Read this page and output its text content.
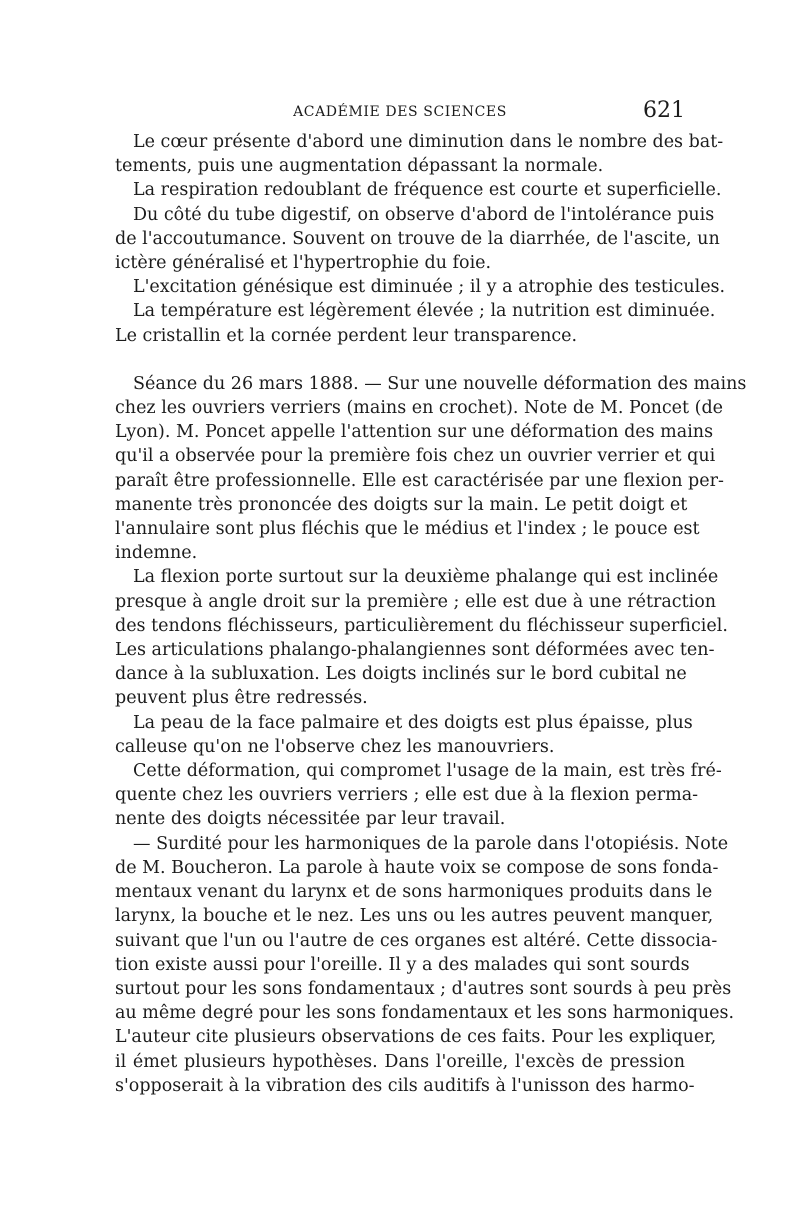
ACADÉMIE DES SCIENCES	621
Le cœur présente d'abord une diminution dans le nombre des bat-
tements, puis une augmentation dépassant la normale.
La respiration redoublant de fréquence est courte et superficielle.
Du côté du tube digestif, on observe d'abord de l'intolérance puis
de l'accoutumance. Souvent on trouve de la diarrhée, de l'ascite, un
ictère généralisé et l'hypertrophie du foie.
L'excitation génésique est diminuée ; il y a atrophie des testicules.
La température est légèrement élevée ; la nutrition est diminuée.
Le cristallin et la cornée perdent leur transparence.
Séance du 26 mars 1888. — Sur une nouvelle déformation des mains
chez les ouvriers verriers (mains en crochet). Note de M. Poncet (de
Lyon). M. Poncet appelle l'attention sur une déformation des mains
qu'il a observée pour la première fois chez un ouvrier verrier et qui
paraît être professionnelle. Elle est caractérisée par une flexion per-
manente très prononcée des doigts sur la main. Le petit doigt et
l'annulaire sont plus fléchis que le médius et l'index ; le pouce est
indemne.
La flexion porte surtout sur la deuxième phalange qui est inclinée
presque à angle droit sur la première ; elle est due à une rétraction
des tendons fléchisseurs, particulièrement du fléchisseur superficiel.
Les articulations phalango-phalangiennes sont déformées avec ten-
dance à la subluxation. Les doigts inclinés sur le bord cubital ne
peuvent plus être redressés.
La peau de la face palmaire et des doigts est plus épaisse, plus
calleuse qu'on ne l'observe chez les manouvriers.
Cette déformation, qui compromet l'usage de la main, est très fré-
quente chez les ouvriers verriers ; elle est due à la flexion perma-
nente des doigts nécessitée par leur travail.
— Surdité pour les harmoniques de la parole dans l'otopiésis. Note
de M. Boucheron. La parole à haute voix se compose de sons fonda-
mentaux venant du larynx et de sons harmoniques produits dans le
larynx, la bouche et le nez. Les uns ou les autres peuvent manquer,
suivant que l'un ou l'autre de ces organes est altéré. Cette dissocia-
tion existe aussi pour l'oreille. Il y a des malades qui sont sourds
surtout pour les sons fondamentaux ; d'autres sont sourds à peu près
au même degré pour les sons fondamentaux et les sons harmoniques.
L'auteur cite plusieurs observations de ces faits. Pour les expliquer,
il émet plusieurs hypothèses. Dans l'oreille, l'excès de pression
s'opposerait à la vibration des cils auditifs à l'unisson des harmo-
